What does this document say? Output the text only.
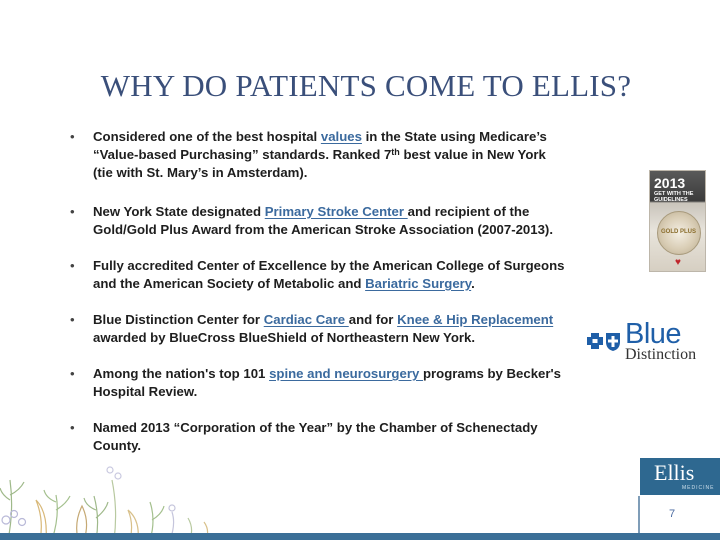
WHY DO PATIENTS COME TO ELLIS?
• Considered one of the best hospital values in the State using Medicare’s
“Value-based Purchasing” standards. Ranked 7th best value in New York
(tie with St. Mary’s in Amsterdam).
• New York State designated Primary Stroke Center and recipient of the
Gold/Gold Plus Award from the American Stroke Association (2007-2013).
• Fully accredited Center of Excellence by the American College of Surgeons
and the American Society of Metabolic and Bariatric Surgery.
• Blue Distinction Center for Cardiac Care and for Knee & Hip Replacement
awarded by BlueCross BlueShield of Northeastern New York.
• Among the nation's top 101 spine and neurosurgery programs by Becker's
Hospital Review.
• Named 2013 “Corporation of the Year” by the Chamber of Schenectady
County.
2013
GET WITH THE
GUIDELINES
GOLD PLUS
♥
Blue
Distinction
Ellis
MEDICINE
7
